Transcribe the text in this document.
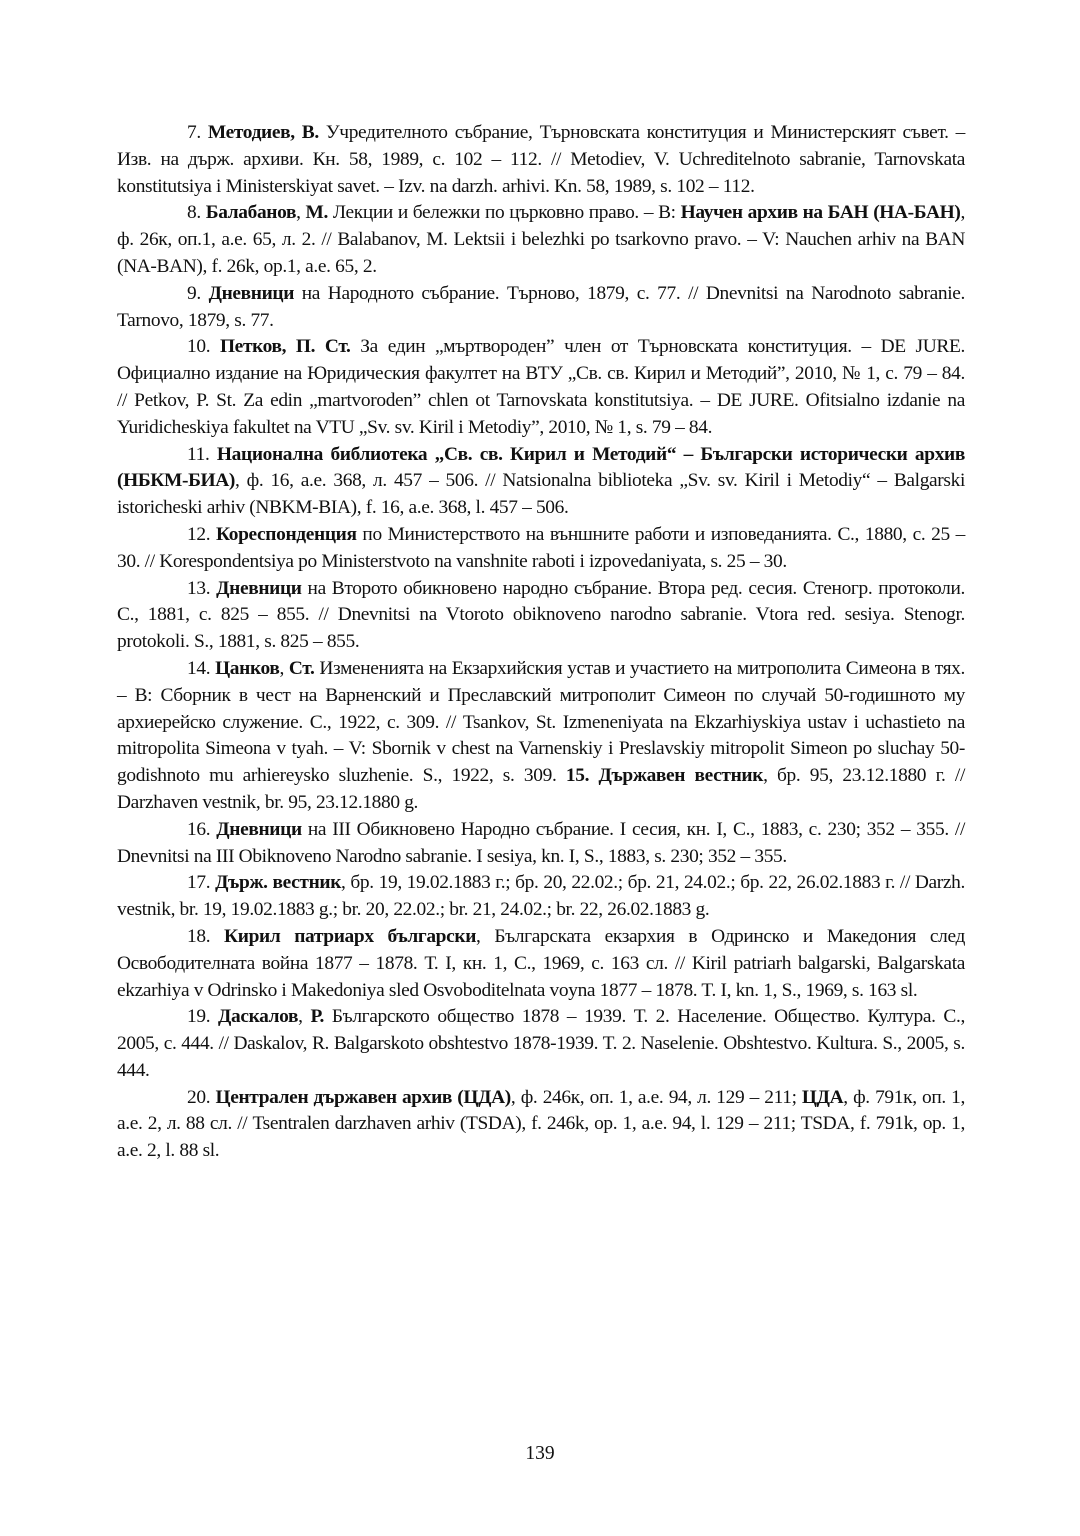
7. Методиев, В. Учредителното събрание, Търновската конституция и Министерският съвет. – Изв. на държ. архиви. Кн. 58, 1989, с. 102 – 112. // Metodiev, V. Uchreditelnoto sabranie, Tarnovskata konstitutsiya i Ministerskiyat savet. – Izv. na darzh. arhivi. Kn. 58, 1989, s. 102 – 112.

8. Балабанов, М. Лекции и бележки по църковно право. – В: Научен архив на БАН (НА-БАН), ф. 26к, оп.1, а.е. 65, л. 2. // Balabanov, M. Lektsii i belezhki po tsarkovno pravo. – V: Nauchen arhiv na BAN (NA-BAN), f. 26k, op.1, a.e. 65, 2.

9. Дневници на Народното събрание. Търново, 1879, с. 77. // Dnevnitsi na Narodnoto sabranie. Tarnovo, 1879, s. 77.

10. Петков, П. Ст. За един „мъртвороден” член от Търновската конституция. – DE JURE. Официално издание на Юридическия факултет на ВТУ „Св. св. Кирил и Методий”, 2010, № 1, с. 79 – 84. // Petkov, P. St. Za edin „martvoroden” chlen ot Tarnovskata konstitutsiya. – DE JURE. Ofitsialno izdanie na Yuridicheskiya fakultet na VTU „Sv. sv. Kiril i Metodiy”, 2010, № 1, s. 79 – 84.

11. Национална библиотека „Св. св. Кирил и Методий“ – Български исторически архив (НБКМ-БИА), ф. 16, а.е. 368, л. 457 – 506. // Natsionalna biblioteka „Sv. sv. Kiril i Metodiy“ – Balgarski istoricheski arhiv (NBKM-BIA), f. 16, a.e. 368, l. 457 – 506.

12. Кореспонденция по Министерството на външните работи и изповеданията. С., 1880, с. 25 – 30. // Korespondentsiya po Ministerstvoto na vanshnite raboti i izpovedaniyata, s. 25 – 30.

13. Дневници на Второто обикновено народно събрание. Втора ред. сесия. Стеногр. протоколи. С., 1881, с. 825 – 855. // Dnevnitsi na Vtoroto obiknoveno narodno sabranie. Vtora red. sesiya. Stenogr. protokoli. S., 1881, s. 825 – 855.

14. Цанков, Ст. Измененията на Екзархийския устав и участието на митрополита Симеона в тях. – В: Сборник в чест на Варненский и Преславский митрополит Симеон по случай 50-годишното му архиерейско служение. С., 1922, с. 309. // Tsankov, St. Izmeneniyata na Ekzarhiyskiya ustav i uchastieto na mitropolita Simeona v tyah. – V: Sbornik v chest na Varnenskiy i Preslavskiy mitropolit Simeon po sluchay 50-godishnoto mu arhiereysko sluzhenie. S., 1922, s. 309. 15. Държавен вестник, бр. 95, 23.12.1880 г. // Darzhaven vestnik, br. 95, 23.12.1880 g.

16. Дневници на III Обикновено Народно събрание. I сесия, кн. I, С., 1883, с. 230; 352 – 355. // Dnevnitsi na III Obiknoveno Narodno sabranie. I sesiya, kn. I, S., 1883, s. 230; 352 – 355.

17. Държ. вестник, бр. 19, 19.02.1883 г.; бр. 20, 22.02.; бр. 21, 24.02.; бр. 22, 26.02.1883 г. // Darzh. vestnik, br. 19, 19.02.1883 g.; br. 20, 22.02.; br. 21, 24.02.; br. 22, 26.02.1883 g.

18. Кирил патриарх български, Българската екзархия в Одринско и Македония след Освободителната война 1877 – 1878. Т. I, кн. 1, С., 1969, с. 163 сл. // Kiril patriarh balgarski, Balgarskata ekzarhiya v Odrinsko i Makedoniya sled Osvoboditelnata voyna 1877 – 1878. T. I, kn. 1, S., 1969, s. 163 sl.

19. Даскалов, Р. Българското общество 1878 – 1939. Т. 2. Население. Общество. Култура. С., 2005, с. 444. // Daskalov, R. Balgarskoto obshtestvo 1878-1939. T. 2. Naselenie. Obshtestvo. Kultura. S., 2005, s. 444.

20. Централен държавен архив (ЦДА), ф. 246к, оп. 1, а.е. 94, л. 129 – 211; ЦДА, ф. 791к, оп. 1, а.е. 2, л. 88 сл. // Tsentralen darzhaven arhiv (TSDA), f. 246k, op. 1, a.e. 94, l. 129 – 211; TSDA, f. 791k, op. 1, a.e. 2, l. 88 sl.

139
